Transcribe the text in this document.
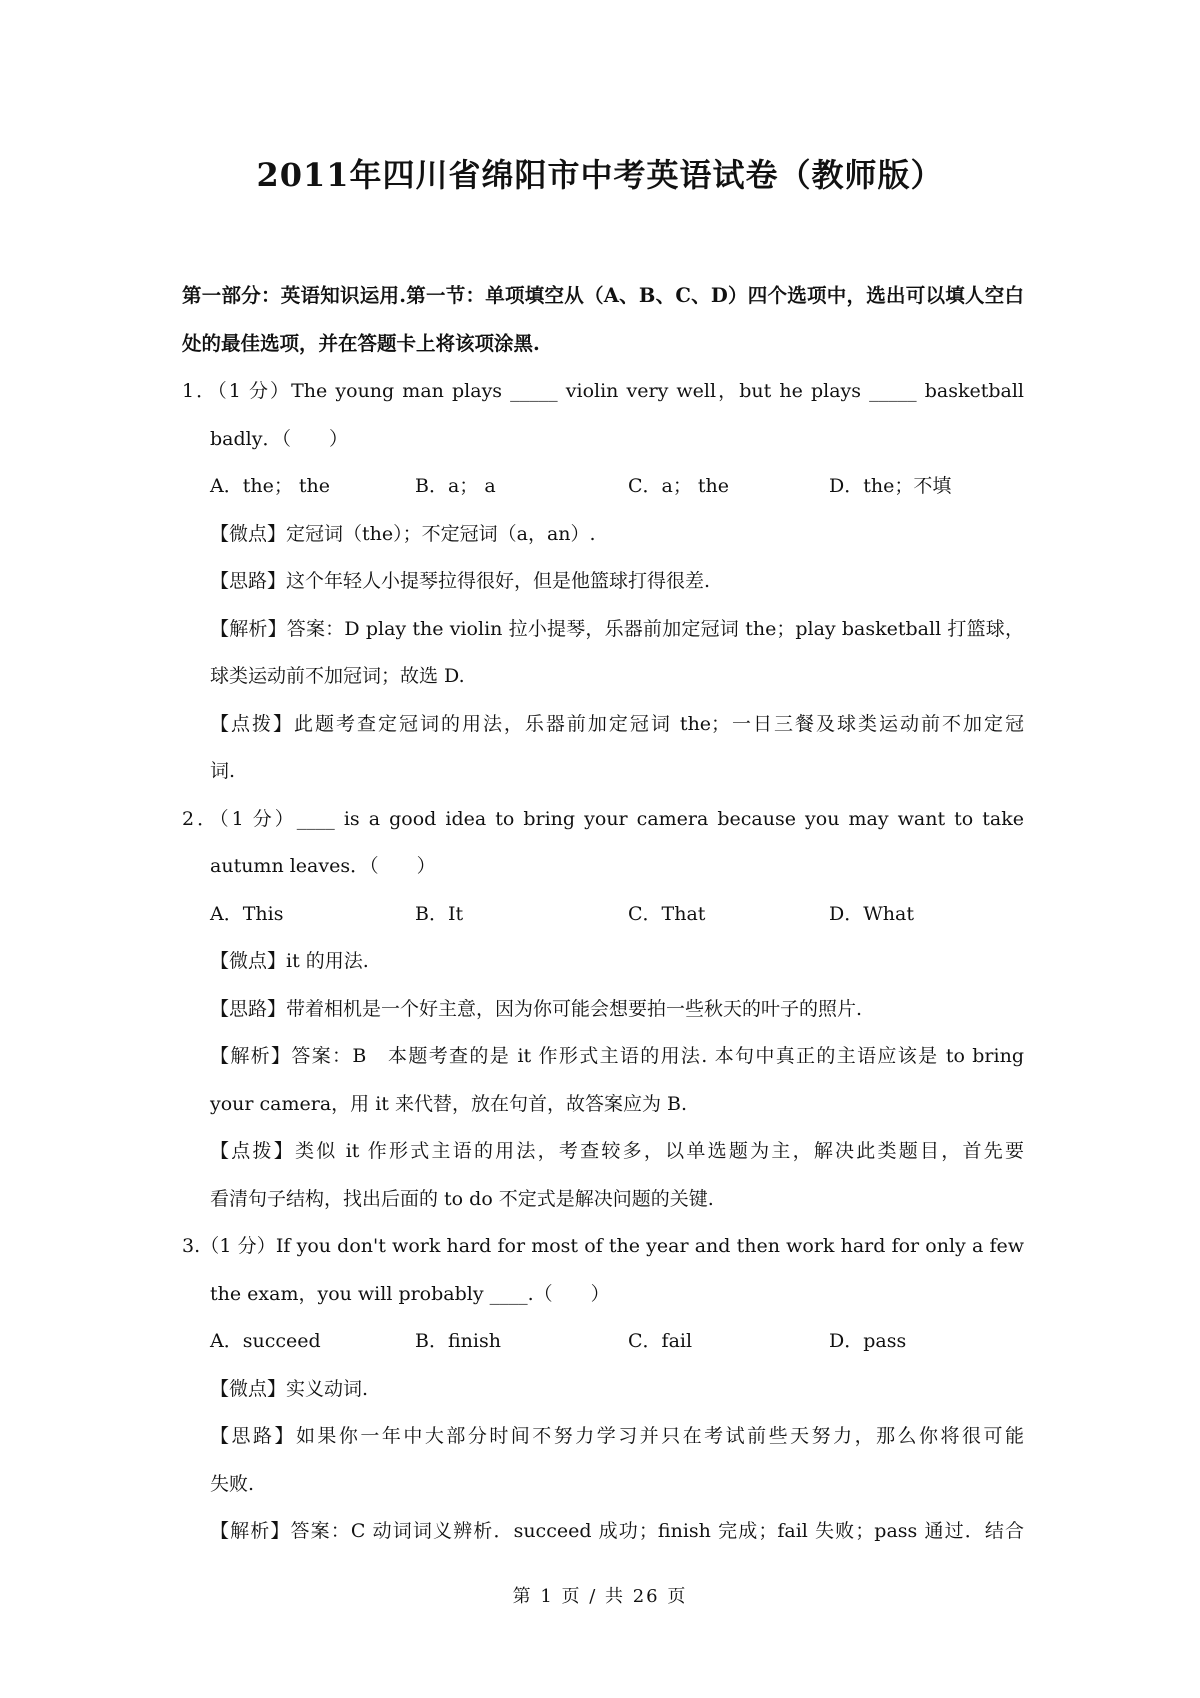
2011年四川省绵阳市中考英语试卷（教师版）
第一部分：英语知识运用.第一节：单项填空从（A、B、C、D）四个选项中，选出可以填人空白处的最佳选项，并在答题卡上将该项涂黑.
1．（1 分）The young man plays _____ violin very well，but he plays _____ basketball
badly．（　　）
A．the； the	B．a； a	C．a； the	D．the；不填
【微点】定冠词（the）；不定冠词（a，an）.
【思路】这个年轻人小提琴拉得很好，但是他篮球打得很差.
【解析】答案：D play the violin 拉小提琴，乐器前加定冠词 the；play basketball 打篮球，
球类运动前不加冠词；故选 D.
【点拨】此题考查定冠词的用法，乐器前加定冠词 the；一日三餐及球类运动前不加定冠
词.
2．（1 分）____ is a good idea to bring your camera because you may want to take
autumn leaves．（　　）
A．This	B．It	C．That	D．What
【微点】it 的用法.
【思路】带着相机是一个好主意，因为你可能会想要拍一些秋天的叶子的照片.
【解析】答案：B　本题考查的是 it 作形式主语的用法. 本句中真正的主语应该是 to bring
your camera，用 it 来代替，放在句首，故答案应为 B.
【点拨】类似 it 作形式主语的用法，考查较多，以单选题为主，解决此类题目，首先要
看清句子结构，找出后面的 to do 不定式是解决问题的关键.
3.（1 分）If you don't work hard for most of the year and then work hard for only a few
the exam，you will probably ____.（　　）
A．succeed	B．finish	C．fail	D．pass
【微点】实义动词.
【思路】如果你一年中大部分时间不努力学习并只在考试前些天努力，那么你将很可能
失败.
【解析】答案：C 动词词义辨析．succeed 成功；finish 完成；fail 失败；pass 通过．结合
第 1 页 / 共 26 页
